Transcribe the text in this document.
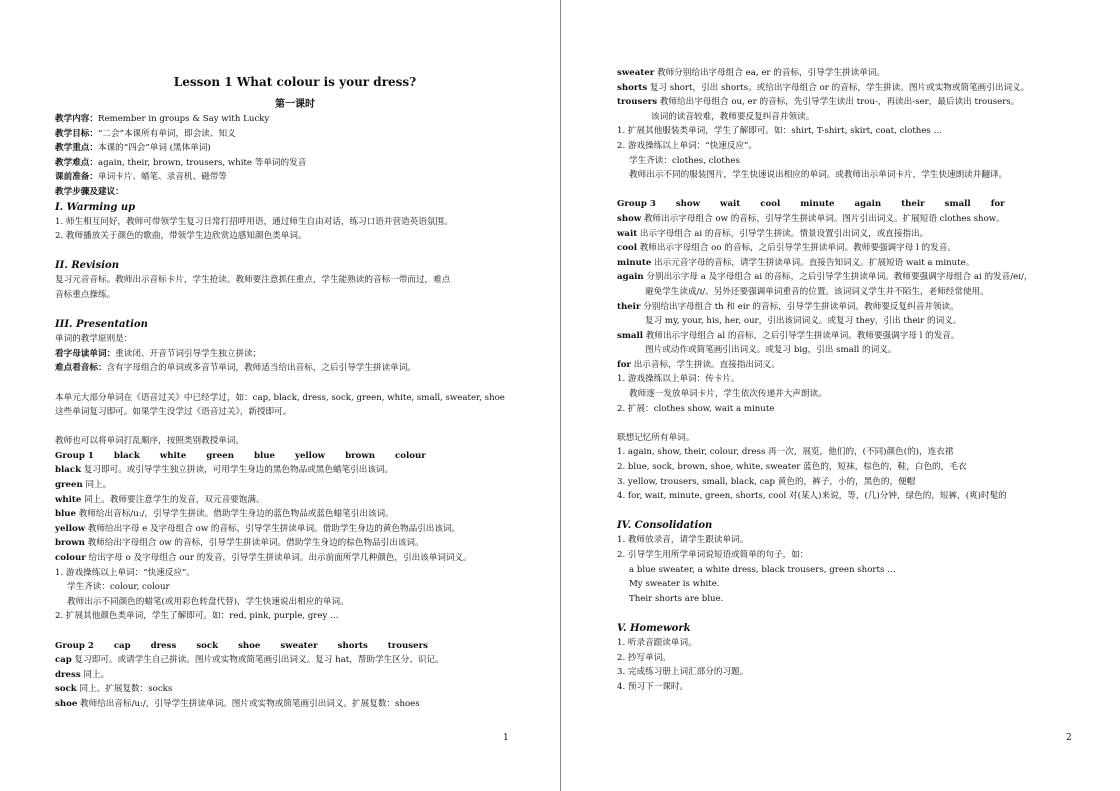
Lesson 1 What colour is your dress?
第一课时
教学内容：Remember in groups & Say with Lucky
教学目标：“二会”本课所有单词，即会读、知义
教学重点：本课的“四会”单词 (黑体单词)
教学难点：again, their, brown, trousers, white 等单词的发音
课前准备：单词卡片、蜡笔、录音机、磁带等
教学步骤及建议：
I. Warming up
1. 师生相互问好，教师可带领学生复习日常打招呼用语，通过师生自由对话，练习口语并营造英语氛围。
2. 教师播放关于颜色的歌曲，带领学生边欣赏边感知颜色类单词。
II. Revision
复习元音音标。教师出示音标卡片，学生抢读。教师要注意抓住重点，学生能熟读的音标一带而过，难点
音标重点操练。
III. Presentation
单词的教学原则是：
看字母读单词：重读闭、开音节词引导学生独立拼读；
难点看音标：含有字母组合的单词或多音节单词，教师适当给出音标，之后引导学生拼读单词。
本单元大部分单词在《语音过关》中已经学过，如：cap, black, dress, sock, green, white, small, sweater, shoe
这些单词复习即可。如果学生没学过《语音过关》，新授即可。
教师也可以将单词打乱顺序，按照类别教授单词。
Group 1 black white green blue yellow brown colour
black 复习即可。或引导学生独立拼读，可用学生身边的黑色物品或黑色蜡笔引出该词。
green 同上。
white 同上。教师要注意学生的发音，双元音要饱满。
blue 教师给出音标/u:/，引导学生拼读。借助学生身边的蓝色物品或蓝色蜡笔引出该词。
yellow 教师给出字母 e 及字母组合 ow 的音标，引导学生拼读单词。借助学生身边的黄色物品引出该词。
brown 教师给出字母组合 ow 的音标，引导学生拼读单词。借助学生身边的棕色物品引出该词。
colour 给出字母 o 及字母组合 our 的发音，引导学生拼读单词。出示前面所学几种颜色，引出该单词词义。
1. 游戏操练以上单词：“快速反应”。
学生齐读：colour, colour
教师出示不同颜色的蜡笔(或用彩色转盘代替)，学生快速说出相应的单词。
2. 扩展其他颜色类单词，学生了解即可。如：red, pink, purple, grey …
Group 2 cap dress sock shoe sweater shorts trousers
cap 复习即可。或请学生自己拼读。图片或实物或简笔画引出词义。复习 hat，帮助学生区分、识记。
dress 同上。
sock 同上。扩展复数：socks
shoe 教师给出音标/u:/，引导学生拼读单词。图片或实物或简笔画引出词义。扩展复数：shoes
1
sweater 教师分别给出字母组合 ea, er 的音标，引导学生拼读单词。
shorts 复习 short，引出 shorts。或给出字母组合 or 的音标，学生拼读。图片或实物或简笔画引出词义。
trousers 教师给出字母组合 ou, er 的音标，先引导学生读出 trou-，再读出-ser，最后读出 trousers。
该词的读音较难，教师要反复纠音并领读。
1. 扩展其他服装类单词，学生了解即可。如：shirt, T-shirt, skirt, coat, clothes …
2. 游戏操练以上单词：“快速反应”。
学生齐读：clothes, clothes
教师出示不同的服装图片，学生快速说出相应的单词。或教师出示单词卡片，学生快速朗读并翻译。
Group 3 show wait cool minute again their small for
show 教师出示字母组合 ow 的音标，引导学生拼读单词。图片引出词义。扩展短语 clothes show。
wait 出示字母组合 ai 的音标，引导学生拼读。情景设置引出词义，或直接指出。
cool 教师出示字母组合 oo 的音标，之后引导学生拼读单词。教师要强调字母 l 的发音。
minute 出示元音字母的音标，请学生拼读单词。直接告知词义。扩展短语 wait a minute。
again 分别出示字母 a 及字母组合 ai 的音标，之后引导学生拼读单词。教师要强调字母组合 ai 的发音/eɪ/，
避免学生读成/ɪ/。另外还要强调单词重音的位置。该词词义学生并不陌生，老师经常使用。
their 分别给出字母组合 th 和 eir 的音标，引导学生拼读单词。教师要反复纠音并领读。
复习 my, your, his, her, our，引出该词词义。或复习 they，引出 their 的词义。
small 教师出示字母组合 al 的音标，之后引导学生拼读单词。教师要强调字母 l 的发音。
图片或动作或简笔画引出词义。或复习 big，引出 small 的词义。
for 出示音标，学生拼读。直接指出词义。
1. 游戏操练以上单词：传卡片。
教师逐一发放单词卡片，学生依次传递并大声朗读。
2. 扩展：clothes show, wait a minute
联想记忆所有单词。
1. again, show, their, colour, dress 再一次，展览，他们的，(不同)颜色(的)，连衣裙
2. blue, sock, brown, shoe, white, sweater 蓝色的，短袜，棕色的，鞋，白色的，毛衣
3. yellow, trousers, small, black, cap 黄色的，裤子，小的，黑色的，便帽
4. for, wait, minute, green, shorts, cool 对(某人)来说，等，(几)分钟，绿色的，短裤，(爽)时髦的
IV. Consolidation
1. 教师放录音，请学生跟读单词。
2. 引导学生用所学单词说短语或简单的句子，如：
a blue sweater, a white dress, black trousers, green shorts …
My sweater is white.
Their shorts are blue.
V. Homework
1. 听录音跟读单词。
2. 抄写单词。
3. 完成练习册上词汇部分的习题。
4. 预习下一课时。
2
